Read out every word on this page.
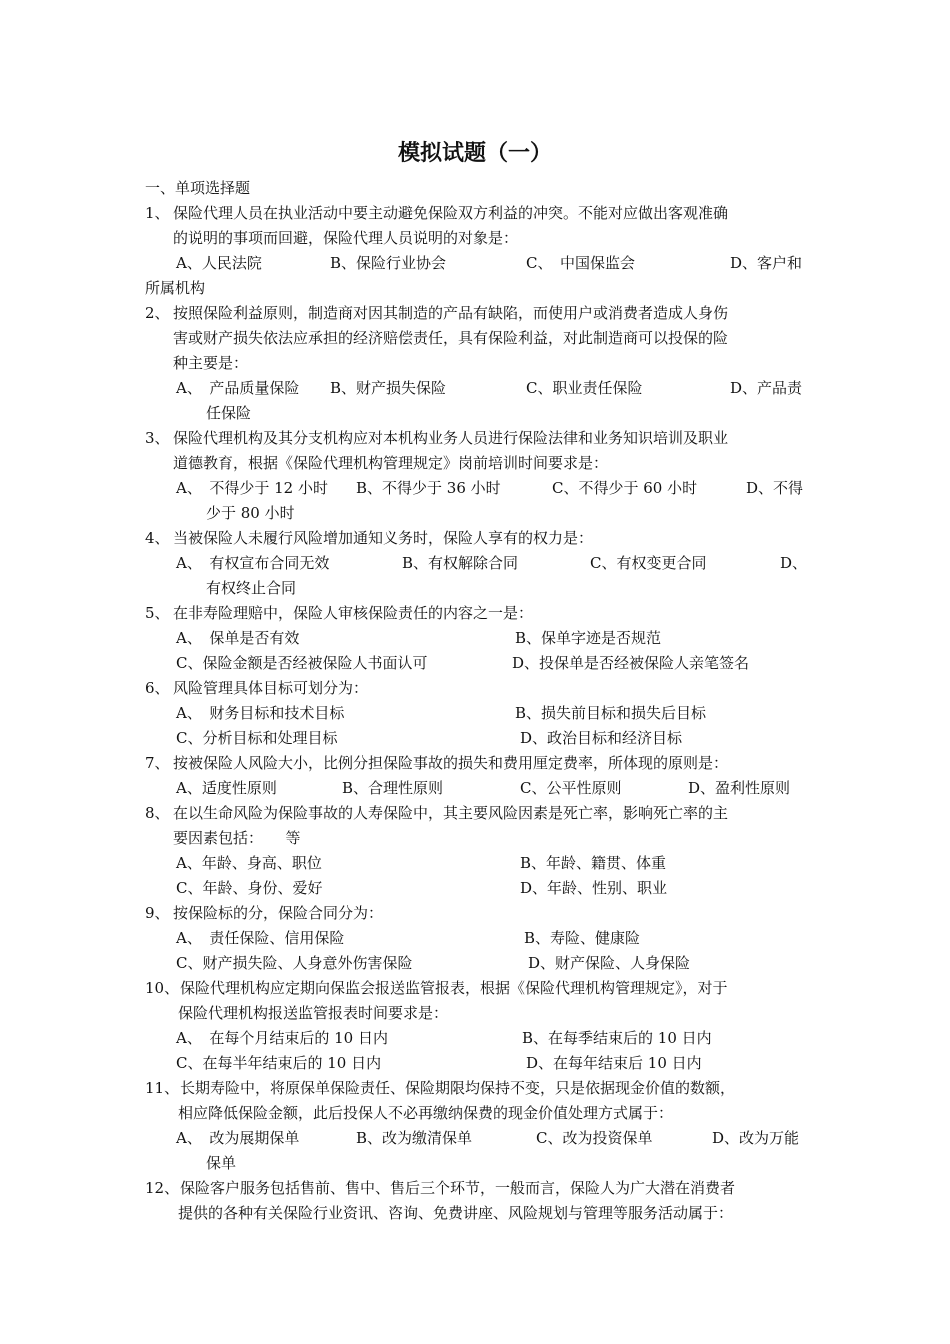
模拟试题（一）
一、单项选择题
1、 保险代理人员在执业活动中要主动避免保险双方利益的冲突。不能对应做出客观准确
的说明的事项而回避，保险代理人员说明的对象是：
A、人民法院	B、保险行业协会	C、　中国保监会	D、客户和
所属机构
2、 按照保险利益原则，制造商对因其制造的产品有缺陷，而使用户或消费者造成人身伤
害或财产损失依法应承担的经济赔偿责任，具有保险利益，对此制造商可以投保的险
种主要是：
A、　产品质量保险 B、财产损失保险	C、职业责任保险	D、产品责
任保险
3、 保险代理机构及其分支机构应对本机构业务人员进行保险法律和业务知识培训及职业
道德教育，根据《保险代理机构管理规定》岗前培训时间要求是：
A、　不得少于 12 小时 B、不得少于 36 小时	C、不得少于 60 小时	D、不得
少于 80 小时
4、 当被保险人未履行风险增加通知义务时，保险人享有的权力是：
A、　有权宣布合同无效	B、有权解除合同	C、有权变更合同	D、
有权终止合同
5、 在非寿险理赔中，保险人审核保险责任的内容之一是：
A、　保单是否有效	B、保单字迹是否规范
C、保险金额是否经被保险人书面认可	D、投保单是否经被保险人亲笔签名
6、 风险管理具体目标可划分为：
A、　财务目标和技术目标	B、损失前目标和损失后目标
C、分析目标和处理目标	D、政治目标和经济目标
7、 按被保险人风险大小，比例分担保险事故的损失和费用厘定费率，所体现的原则是：
A、适度性原则	B、合理性原则	C、公平性原则	D、盈利性原则
8、 在以生命风险为保险事故的人寿保险中，其主要风险因素是死亡率，影响死亡率的主
要因素包括：　　等
A、年龄、身高、职位	B、年龄、籍贯、体重
C、年龄、身份、爱好	D、年龄、性别、职业
9、 按保险标的分，保险合同分为：
A、　责任保险、信用保险	B、寿险、健康险
C、财产损失险、人身意外伤害保险	D、财产保险、人身保险
10、 保险代理机构应定期向保监会报送监管报表，根据《保险代理机构管理规定》，对于
保险代理机构报送监管报表时间要求是：
A、　在每个月结束后的 10 日内	B、在每季结束后的 10 日内
C、在每半年结束后的 10 日内	D、在每年结束后 10 日内
11、 长期寿险中，将原保单保险责任、保险期限均保持不变，只是依据现金价值的数额，
相应降低保险金额，此后投保人不必再缴纳保费的现金价值处理方式属于：
A、　改为展期保单	B、改为缴清保单	C、改为投资保单	D、改为万能
保单
12、 保险客户服务包括售前、售中、售后三个环节，一般而言，保险人为广大潜在消费者
提供的各种有关保险行业资讯、咨询、免费讲座、风险规划与管理等服务活动属于：
